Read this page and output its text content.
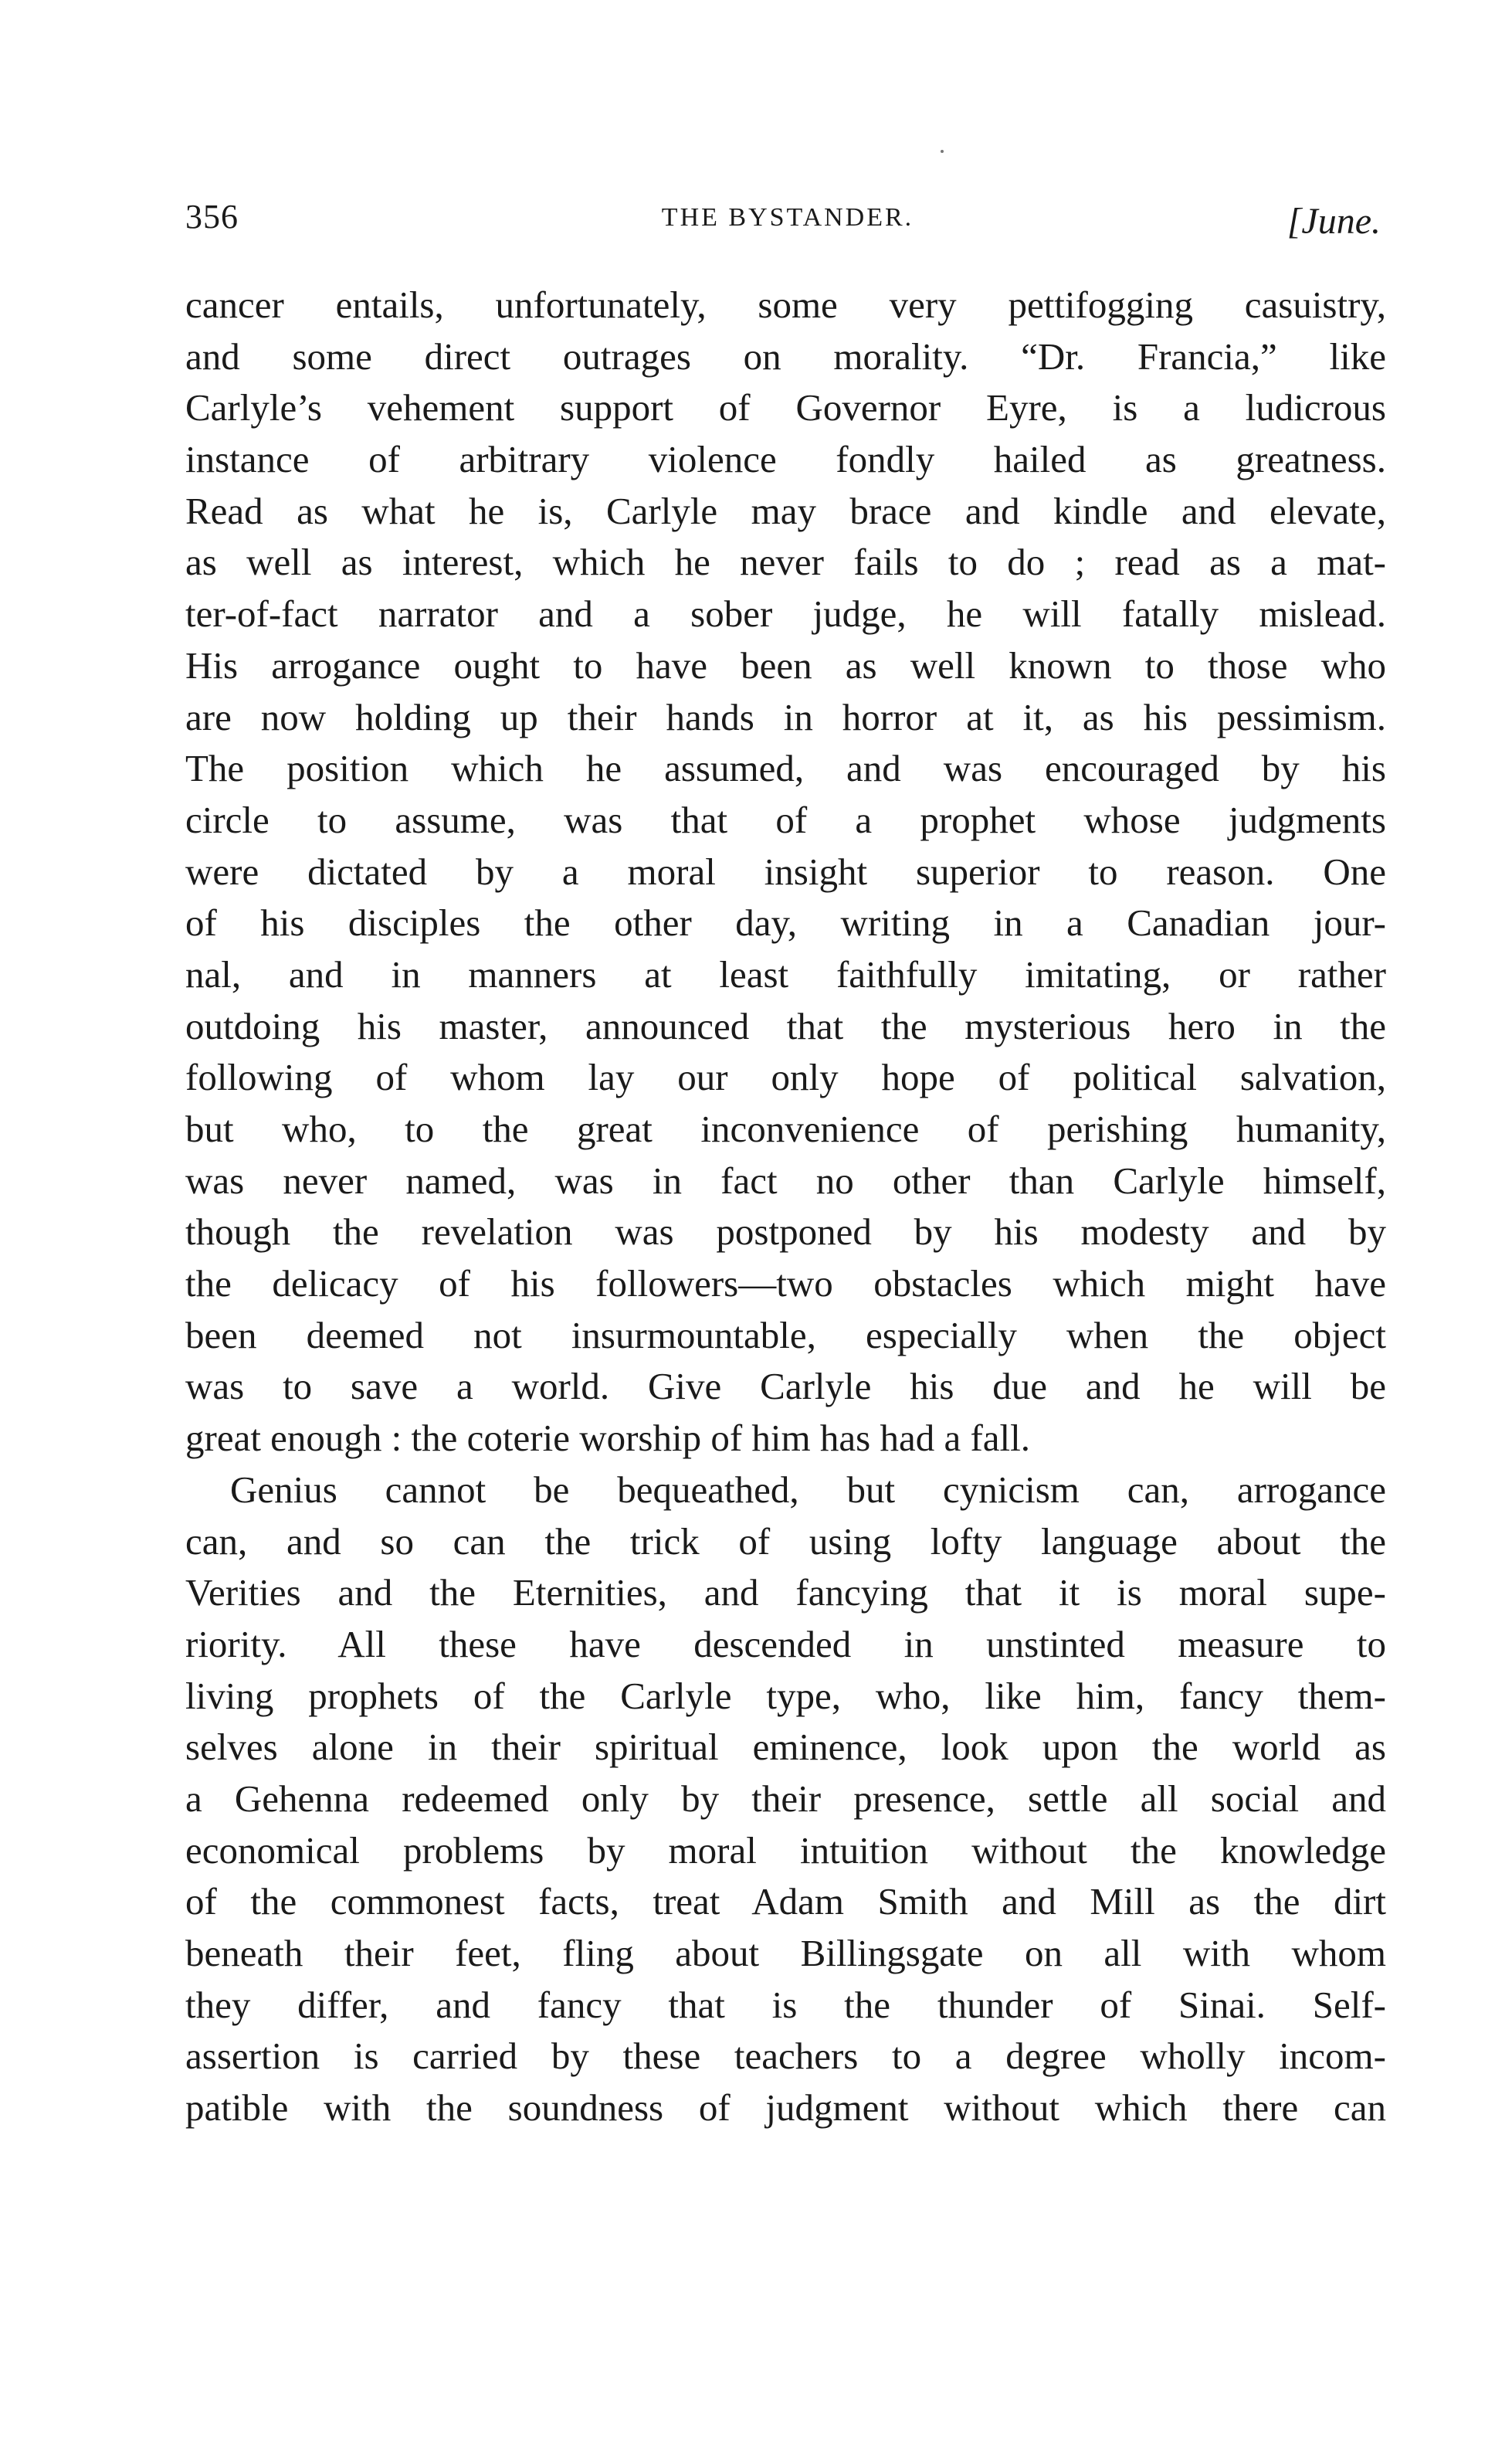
356	THE BYSTANDER.	[June.
cancer entails, unfortunately, some very pettifogging casuistry,
and some direct outrages on morality. “Dr. Francia,” like
Carlyle’s vehement support of Governor Eyre, is a ludicrous
instance of arbitrary violence fondly hailed as greatness.
Read as what he is, Carlyle may brace and kindle and elevate,
as well as interest, which he never fails to do ; read as a mat-
ter-of-fact narrator and a sober judge, he will fatally mislead.
His arrogance ought to have been as well known to those who
are now holding up their hands in horror at it, as his pessimism.
The position which he assumed, and was encouraged by his
circle to assume, was that of a prophet whose judgments
were dictated by a moral insight superior to reason. One
of his disciples the other day, writing in a Canadian jour-
nal, and in manners at least faithfully imitating, or rather
outdoing his master, announced that the mysterious hero in the
following of whom lay our only hope of political salvation,
but who, to the great inconvenience of perishing humanity,
was never named, was in fact no other than Carlyle himself,
though the revelation was postponed by his modesty and by
the delicacy of his followers—two obstacles which might have
been deemed not insurmountable, especially when the object
was to save a world. Give Carlyle his due and he will be
great enough : the coterie worship of him has had a fall.
Genius cannot be bequeathed, but cynicism can, arrogance
can, and so can the trick of using lofty language about the
Verities and the Eternities, and fancying that it is moral supe-
riority. All these have descended in unstinted measure to
living prophets of the Carlyle type, who, like him, fancy them-
selves alone in their spiritual eminence, look upon the world as
a Gehenna redeemed only by their presence, settle all social and
economical problems by moral intuition without the knowledge
of the commonest facts, treat Adam Smith and Mill as the dirt
beneath their feet, fling about Billingsgate on all with whom
they differ, and fancy that is the thunder of Sinai. Self-
assertion is carried by these teachers to a degree wholly incom-
patible with the soundness of judgment without which there can
